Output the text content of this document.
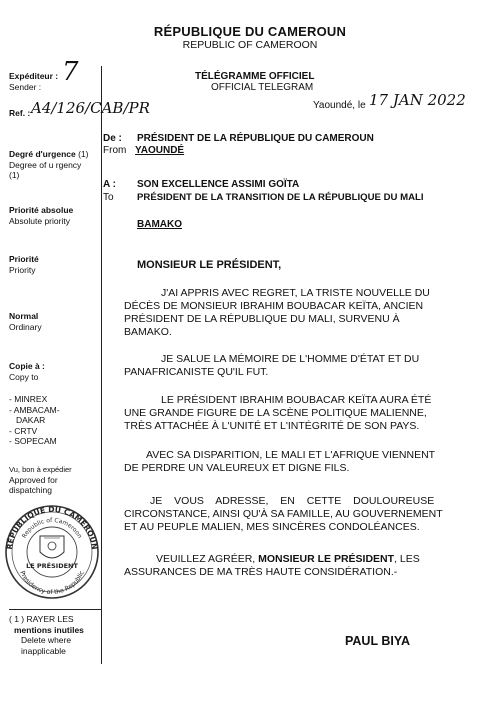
RÉPUBLIQUE DU CAMEROUN
REPUBLIC OF CAMEROON
Expéditeur :
Sender : 7
Ref. : A4/126/CAB/PR
Degré d'urgence (1)
Degree of u rgency
(1)
Priorité absolue
Absolute priority
Priorité
Priority
Normal
Ordinary
Copie à :
Copy to
- MINREX
- AMBACAM-
DAKAR
- CRTV
- SOPECAM
Vu, bon à expédier
Approved for
dispatching
RÉPUBLIQUE DU CAMEROUN
Republic of Cameroon
Presidency of the Republic
LE PRÉSIDENT
( 1 ) RAYER LES
mentions inutiles
Delete where
inapplicable
TÉLÉGRAMME OFFICIEL
OFFICIAL TELEGRAM
Yaoundé, le 17 JAN 2022
De :
From
PRÉSIDENT DE LA RÉPUBLIQUE DU CAMEROUN
YAOUNDÉ
A :
To
SON EXCELLENCE ASSIMI GOÏTA
PRÉSIDENT DE LA TRANSITION DE LA RÉPUBLIQUE DU MALI
BAMAKO
MONSIEUR LE PRÉSIDENT,
J'AI APPRIS AVEC REGRET, LA TRISTE NOUVELLE DU
DÉCÈS DE MONSIEUR IBRAHIM BOUBACAR KEÏTA, ANCIEN
PRÉSIDENT DE LA RÉPUBLIQUE DU MALI, SURVENU À
BAMAKO.
JE SALUE LA MÉMOIRE DE L'HOMME D'ÉTAT ET DU
PANAFRICANISTE QU'IL FUT.
LE PRÉSIDENT IBRAHIM BOUBACAR KEÏTA AURA ÉTÉ
UNE GRANDE FIGURE DE LA SCÈNE POLITIQUE MALIENNE,
TRÈS ATTACHÉE À L'UNITÉ ET L'INTÉGRITÉ DE SON PAYS.
AVEC SA DISPARITION, LE MALI ET L'AFRIQUE VIENNENT
DE PERDRE UN VALEUREUX ET DIGNE FILS.
JE VOUS ADRESSE, EN CETTE DOULOUREUSE
CIRCONSTANCE, AINSI QU'À SA FAMILLE, AU GOUVERNEMENT
ET AU PEUPLE MALIEN, MES SINCÈRES CONDOLÉANCES.
VEUILLEZ AGRÉER, MONSIEUR LE PRÉSIDENT, LES
ASSURANCES DE MA TRÈS HAUTE CONSIDÉRATION.-
PAUL BIYA
